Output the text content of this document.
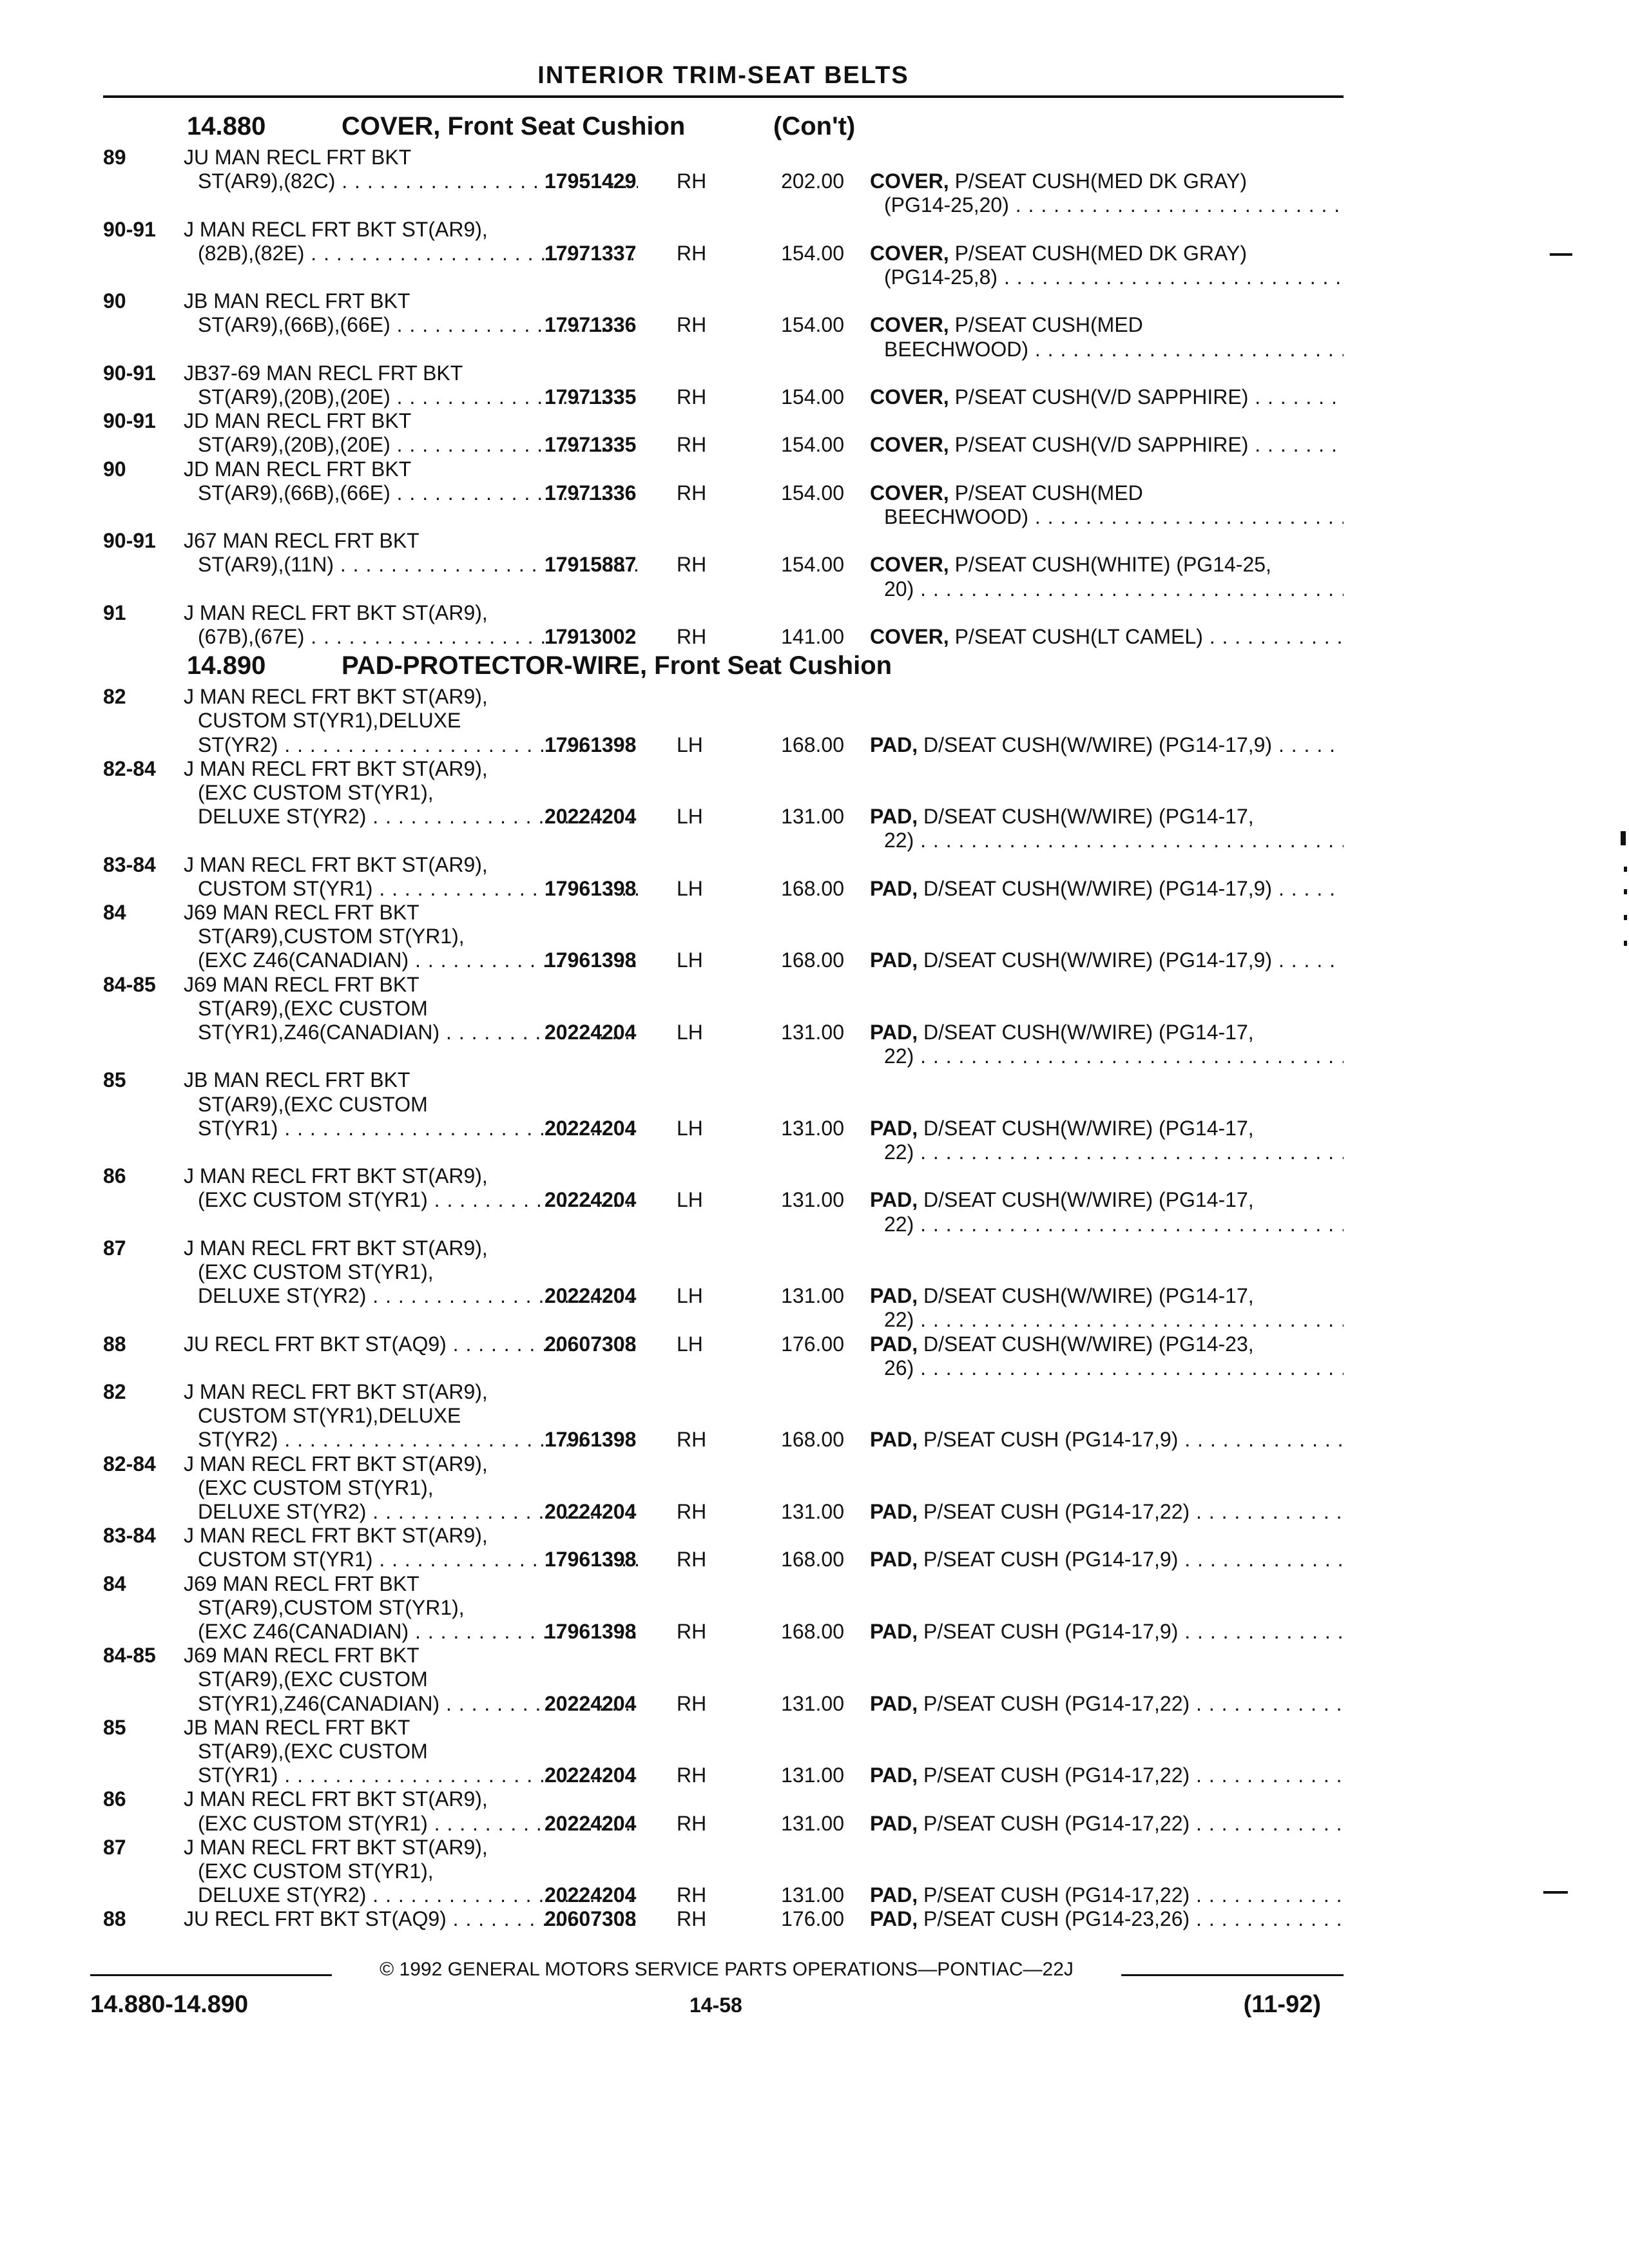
INTERIOR TRIM-SEAT BELTS
14.880	COVER, Front Seat Cushion	(Con't)
89	JU MAN RECL FRT BKT
ST(AR9),(82C) . . .	17951429 RH	202.00 COVER, P/SEAT CUSH(MED DK GRAY)
(PG14-25,20) . . .
90-91 J MAN RECL FRT BKT ST(AR9),
(82B),(82E) . . .	17971337 RH	154.00 COVER, P/SEAT CUSH(MED DK GRAY)
(PG14-25,8) . . .
90	JB MAN RECL FRT BKT
ST(AR9),(66B),(66E) . . .	17971336 RH	154.00 COVER, P/SEAT CUSH(MED
BEECHWOOD) . . .
90-91 JB37-69 MAN RECL FRT BKT
ST(AR9),(20B),(20E) . . .	17971335 RH	154.00 COVER, P/SEAT CUSH(V/D SAPPHIRE) . . .
90-91 JD MAN RECL FRT BKT
ST(AR9),(20B),(20E) . . .	17971335 RH	154.00 COVER, P/SEAT CUSH(V/D SAPPHIRE) . . .
90	JD MAN RECL FRT BKT
ST(AR9),(66B),(66E) . . .	17971336 RH	154.00 COVER, P/SEAT CUSH(MED
BEECHWOOD) . . .
90-91 J67 MAN RECL FRT BKT
ST(AR9),(11N) . . .	17915887 RH	154.00 COVER, P/SEAT CUSH(WHITE) (PG14-25,
20) . . .
91	J MAN RECL FRT BKT ST(AR9),
(67B),(67E) . . .	17913002 RH	141.00 COVER, P/SEAT CUSH(LT CAMEL) . . .
14.890	PAD-PROTECTOR-WIRE, Front Seat Cushion
82	J MAN RECL FRT BKT ST(AR9),
CUSTOM ST(YR1),DELUXE
ST(YR2) . . .	17961398 LH	168.00 PAD, D/SEAT CUSH(W/WIRE) (PG14-17,9) . . .
82-84 J MAN RECL FRT BKT ST(AR9),
(EXC CUSTOM ST(YR1),
DELUXE ST(YR2) . . .	20224204 LH	131.00 PAD, D/SEAT CUSH(W/WIRE) (PG14-17,
22) . . .
83-84 J MAN RECL FRT BKT ST(AR9),
CUSTOM ST(YR1) . . .	17961398 LH	168.00 PAD, D/SEAT CUSH(W/WIRE) (PG14-17,9) . . .
84	J69 MAN RECL FRT BKT
ST(AR9),CUSTOM ST(YR1),
(EXC Z46(CANADIAN) . . .	17961398 LH	168.00 PAD, D/SEAT CUSH(W/WIRE) (PG14-17,9) . . .
84-85 J69 MAN RECL FRT BKT
ST(AR9),(EXC CUSTOM
ST(YR1),Z46(CANADIAN) . . .	20224204 LH	131.00 PAD, D/SEAT CUSH(W/WIRE) (PG14-17,
22) . . .
85	JB MAN RECL FRT BKT
ST(AR9),(EXC CUSTOM
ST(YR1) . . .	20224204 LH	131.00 PAD, D/SEAT CUSH(W/WIRE) (PG14-17,
22) . . .
86	J MAN RECL FRT BKT ST(AR9),
(EXC CUSTOM ST(YR1) . . .	20224204 LH	131.00 PAD, D/SEAT CUSH(W/WIRE) (PG14-17,
22) . . .
87	J MAN RECL FRT BKT ST(AR9),
(EXC CUSTOM ST(YR1),
DELUXE ST(YR2) . . .	20224204 LH	131.00 PAD, D/SEAT CUSH(W/WIRE) (PG14-17,
22) . . .
88	JU RECL FRT BKT ST(AQ9) . . .
	20607308 LH	176.00 PAD, D/SEAT CUSH(W/WIRE) (PG14-23,
26) . . .
82	J MAN RECL FRT BKT ST(AR9),
CUSTOM ST(YR1),DELUXE
ST(YR2) . . .	17961398 RH	168.00 PAD, P/SEAT CUSH (PG14-17,9) . . .
82-84 J MAN RECL FRT BKT ST(AR9),
(EXC CUSTOM ST(YR1),
DELUXE ST(YR2) . . .	20224204 RH	131.00 PAD, P/SEAT CUSH (PG14-17,22) . . .
83-84 J MAN RECL FRT BKT ST(AR9),
CUSTOM ST(YR1) . . .	17961398 RH	168.00 PAD, P/SEAT CUSH (PG14-17,9) . . .
84	J69 MAN RECL FRT BKT
ST(AR9),CUSTOM ST(YR1),
(EXC Z46(CANADIAN) . . .	17961398 RH	168.00 PAD, P/SEAT CUSH (PG14-17,9) . . .
84-85 J69 MAN RECL FRT BKT
ST(AR9),(EXC CUSTOM
ST(YR1),Z46(CANADIAN) . . .	20224204 RH	131.00 PAD, P/SEAT CUSH (PG14-17,22) . . .
85	JB MAN RECL FRT BKT
ST(AR9),(EXC CUSTOM
ST(YR1) . . .	20224204 RH	131.00 PAD, P/SEAT CUSH (PG14-17,22) . . .
86	J MAN RECL FRT BKT ST(AR9),
(EXC CUSTOM ST(YR1) . . .	20224204 RH	131.00 PAD, P/SEAT CUSH (PG14-17,22) . . .
87	J MAN RECL FRT BKT ST(AR9),
(EXC CUSTOM ST(YR1),
DELUXE ST(YR2) . . .	20224204 RH	131.00 PAD, P/SEAT CUSH (PG14-17,22) . . .
88	JU RECL FRT BKT ST(AQ9) . . .	20607308 RH	176.00 PAD, P/SEAT CUSH (PG14-23,26) . . .
© 1992 GENERAL MOTORS SERVICE PARTS OPERATIONS—PONTIAC—22J
14.880-14.890	14-58	(11-92)
